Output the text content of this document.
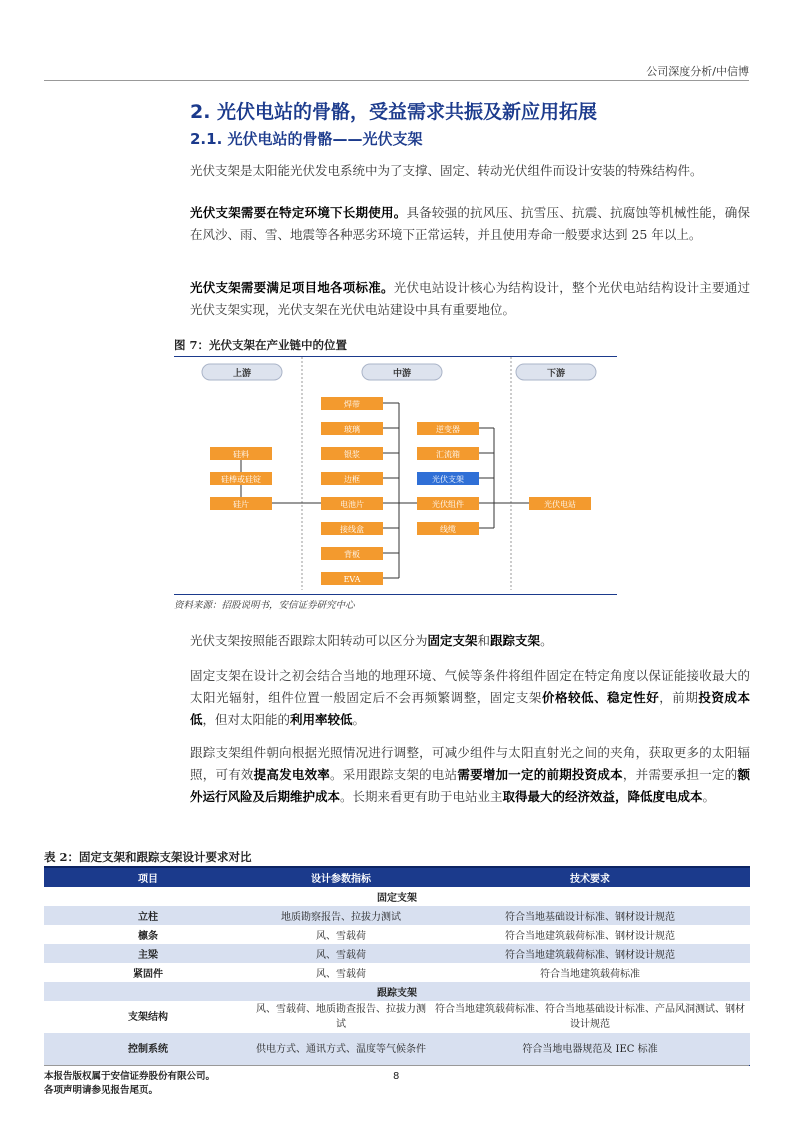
公司深度分析/中信博
2. 光伏电站的骨骼，受益需求共振及新应用拓展
2.1. 光伏电站的骨骼——光伏支架
光伏支架是太阳能光伏发电系统中为了支撑、固定、转动光伏组件而设计安装的特殊结构件。
光伏支架需要在特定环境下长期使用。具备较强的抗风压、抗雪压、抗震、抗腐蚀等机械性能，确保在风沙、雨、雪、地震等各种恶劣环境下正常运转，并且使用寿命一般要求达到 25 年以上。
光伏支架需要满足项目地各项标准。光伏电站设计核心为结构设计，整个光伏电站结构设计主要通过光伏支架实现，光伏支架在光伏电站建设中具有重要地位。
图 7：光伏支架在产业链中的位置
上游	中游	下游
硅料
硅棒或硅锭
硅片
焊带
玻璃
银浆
边框
电池片
接线盒
背板
EVA
逆变器
汇流箱
光伏支架
光伏组件
线缆
光伏电站
资料来源：招股说明书，安信证券研究中心
光伏支架按照能否跟踪太阳转动可以区分为固定支架和跟踪支架。
固定支架在设计之初会结合当地的地理环境、气候等条件将组件固定在特定角度以保证能接收最大的太阳光辐射，组件位置一般固定后不会再频繁调整，固定支架价格较低、稳定性好，前期投资成本低，但对太阳能的利用率较低。
跟踪支架组件朝向根据光照情况进行调整，可减少组件与太阳直射光之间的夹角，获取更多的太阳辐照，可有效提高发电效率。采用跟踪支架的电站需要增加一定的前期投资成本，并需要承担一定的额外运行风险及后期维护成本。长期来看更有助于电站业主取得最大的经济效益，降低度电成本。
表 2：固定支架和跟踪支架设计要求对比
项目	设计参数指标	技术要求
固定支架		
立柱	地质勘察报告、拉拔力测试	符合当地基础设计标准、钢材设计规范
檩条	风、雪载荷	符合当地建筑载荷标准、钢材设计规范
主梁	风、雪载荷	符合当地建筑载荷标准、钢材设计规范
紧固件	风、雪载荷	符合当地建筑载荷标准
跟踪支架		
支架结构	风、雪载荷、地质勘查报告、拉拔力测试	符合当地建筑载荷标准、符合当地基础设计标准、产品风洞测试、钢材设计规范
控制系统	供电方式、通讯方式、温度等气候条件	符合当地电器规范及 IEC 标准
本报告版权属于安信证券股份有限公司。
各项声明请参见报告尾页。
8
